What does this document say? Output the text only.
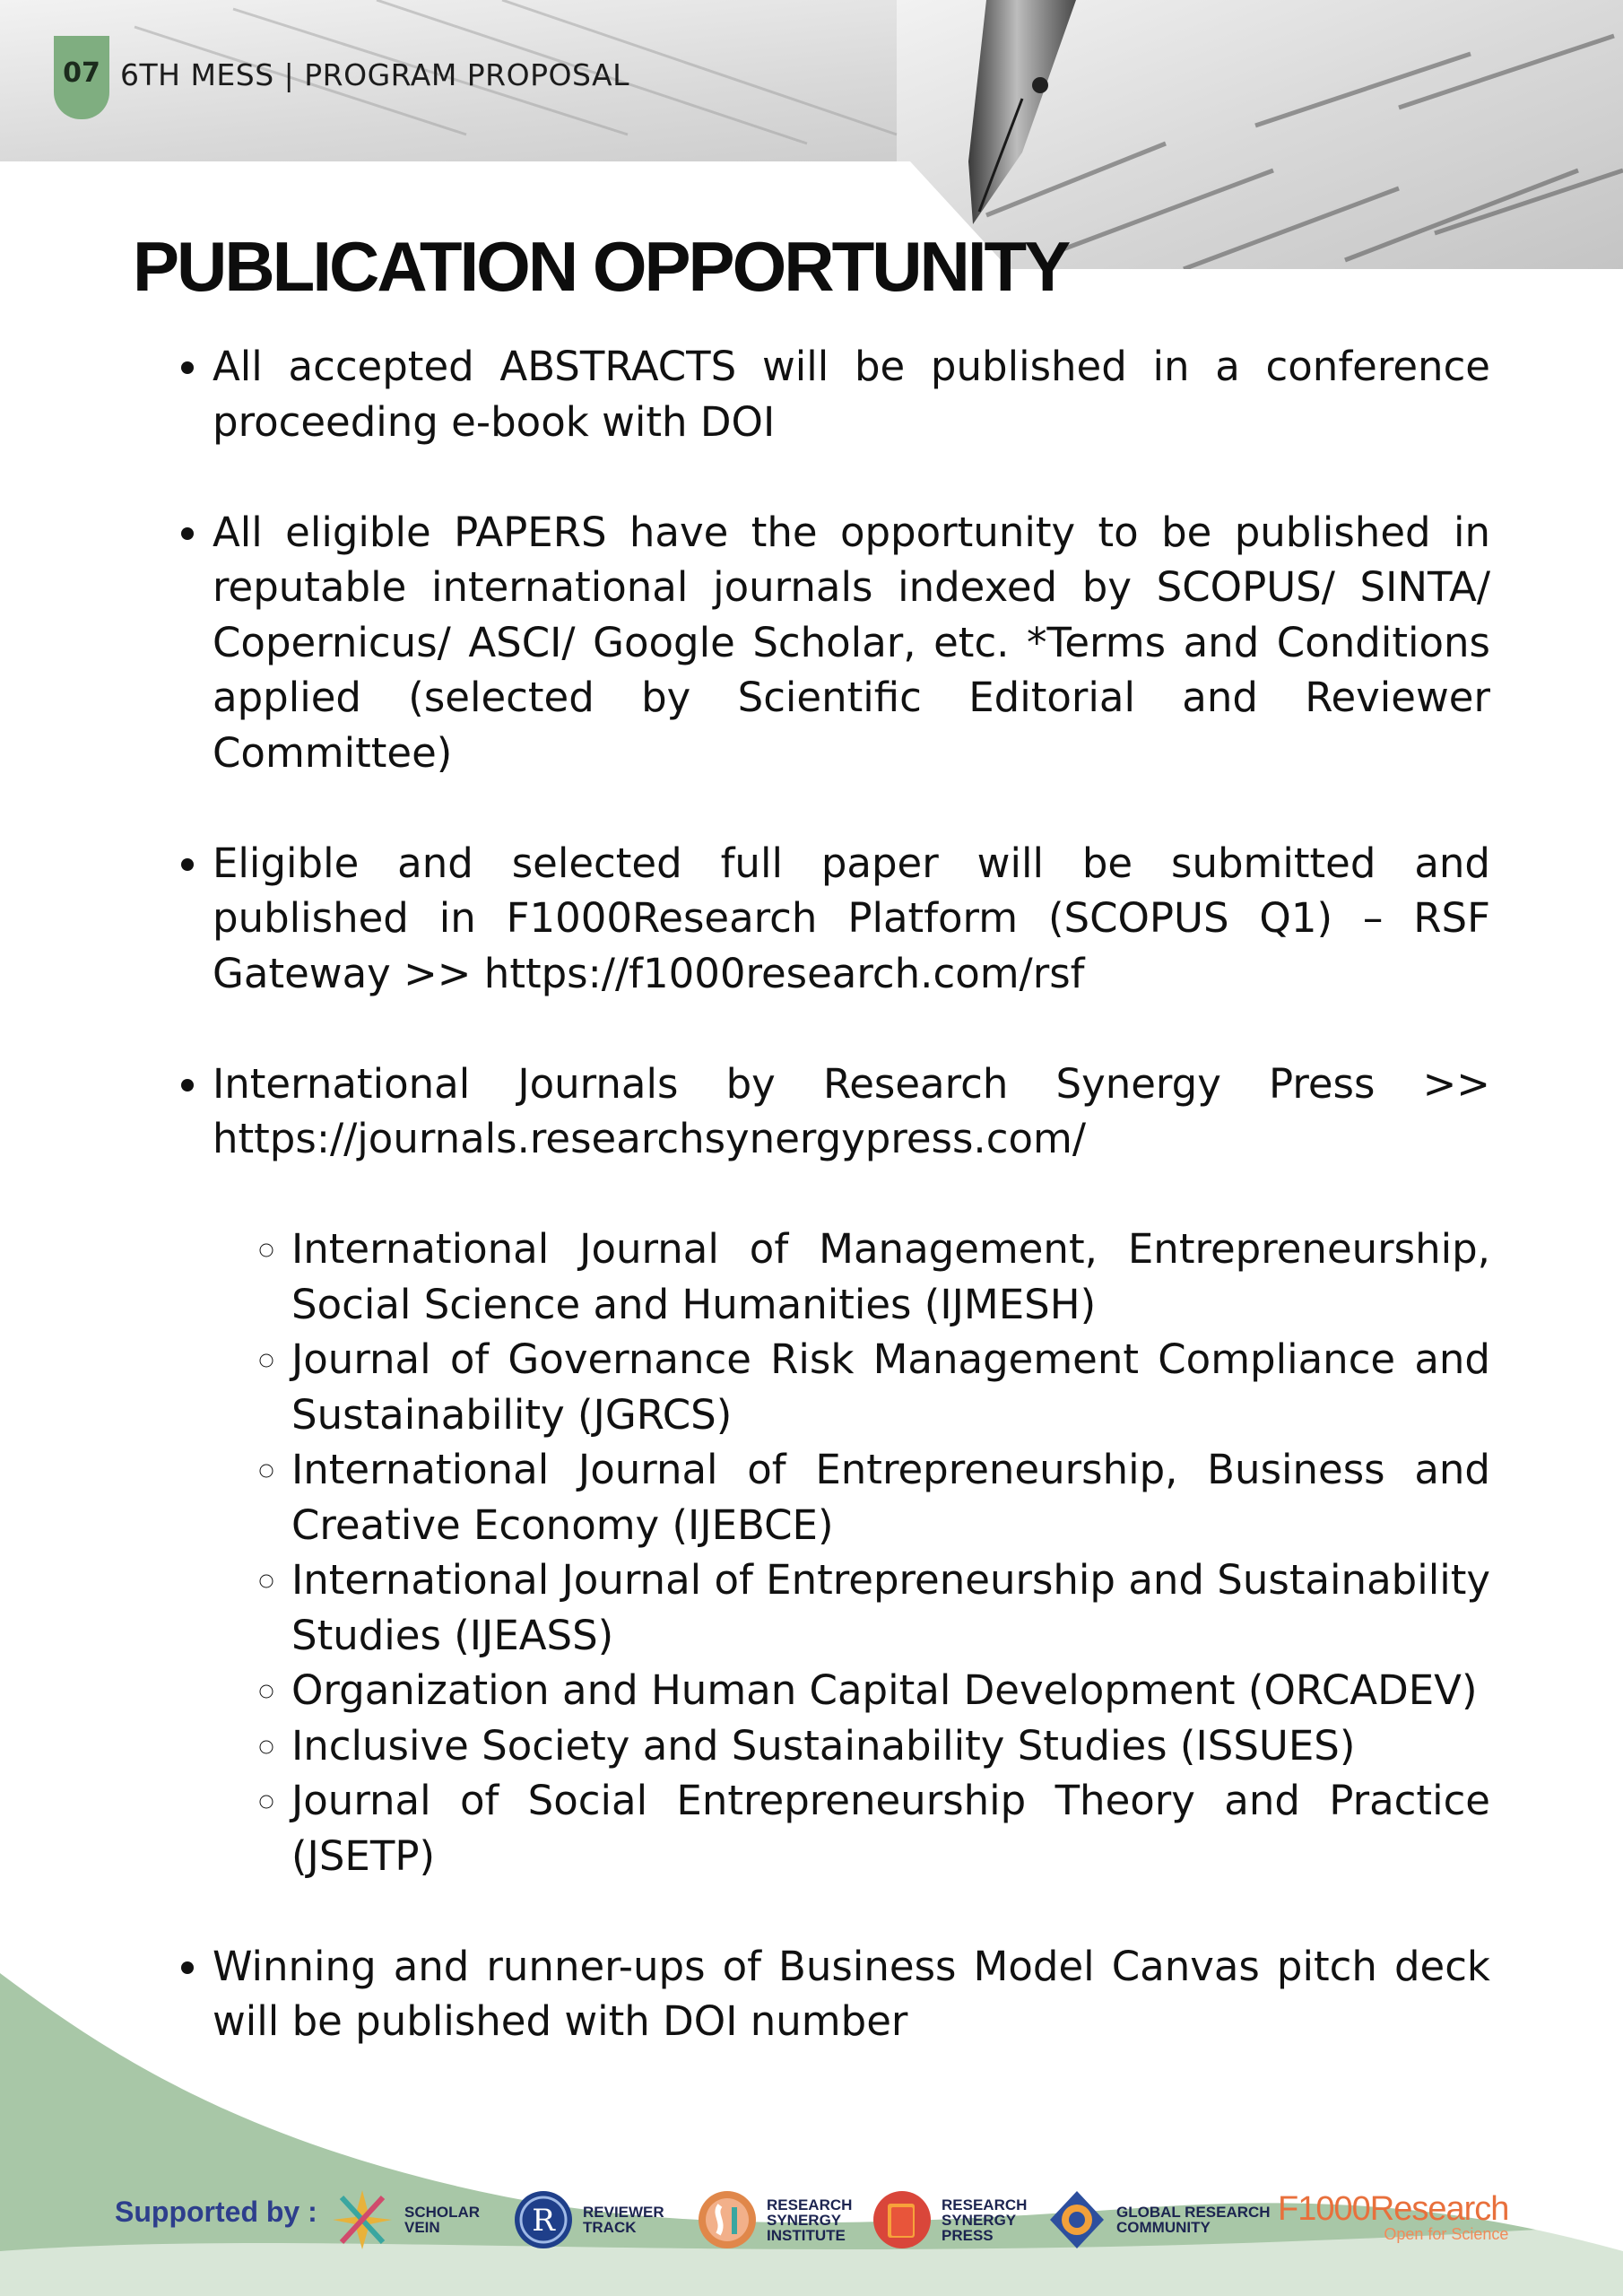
07 6TH MESS | PROGRAM PROPOSAL
PUBLICATION OPPORTUNITY

• All accepted ABSTRACTS will be published in a conference proceeding e-book with DOI

• All eligible PAPERS have the opportunity to be published in reputable international journals indexed by SCOPUS/ SINTA/ Copernicus/ ASCI/ Google Scholar, etc. *Terms and Conditions applied (selected by Scientific Editorial and Reviewer Committee)

• Eligible and selected full paper will be submitted and published in F1000Research Platform (SCOPUS Q1) – RSF Gateway >> https://f1000research.com/rsf

• International Journals by Research Synergy Press >> https://journals.researchsynergypress.com/

◦ International Journal of Management, Entrepreneurship, Social Science and Humanities (IJMESH)
◦ Journal of Governance Risk Management Compliance and Sustainability (JGRCS)
◦ International Journal of Entrepreneurship, Business and Creative Economy (IJEBCE)
◦ International Journal of Entrepreneurship and Sustainability Studies (IJEASS)
◦ Organization and Human Capital Development (ORCADEV)
◦ Inclusive Society and Sustainability Studies (ISSUES)
◦ Journal of Social Entrepreneurship Theory and Practice (JSETP)

• Winning and runner-ups of Business Model Canvas pitch deck will be published with DOI number

Supported by :	SCHOLAR
VEIN	R REVIEWER
TRACK
RESEARCH
SYNERGY
INSTITUTE
RESEARCH
SYNERGY
PRESS
GLOBAL RESEARCH
COMMUNITY	F1000Research
Open for Science
